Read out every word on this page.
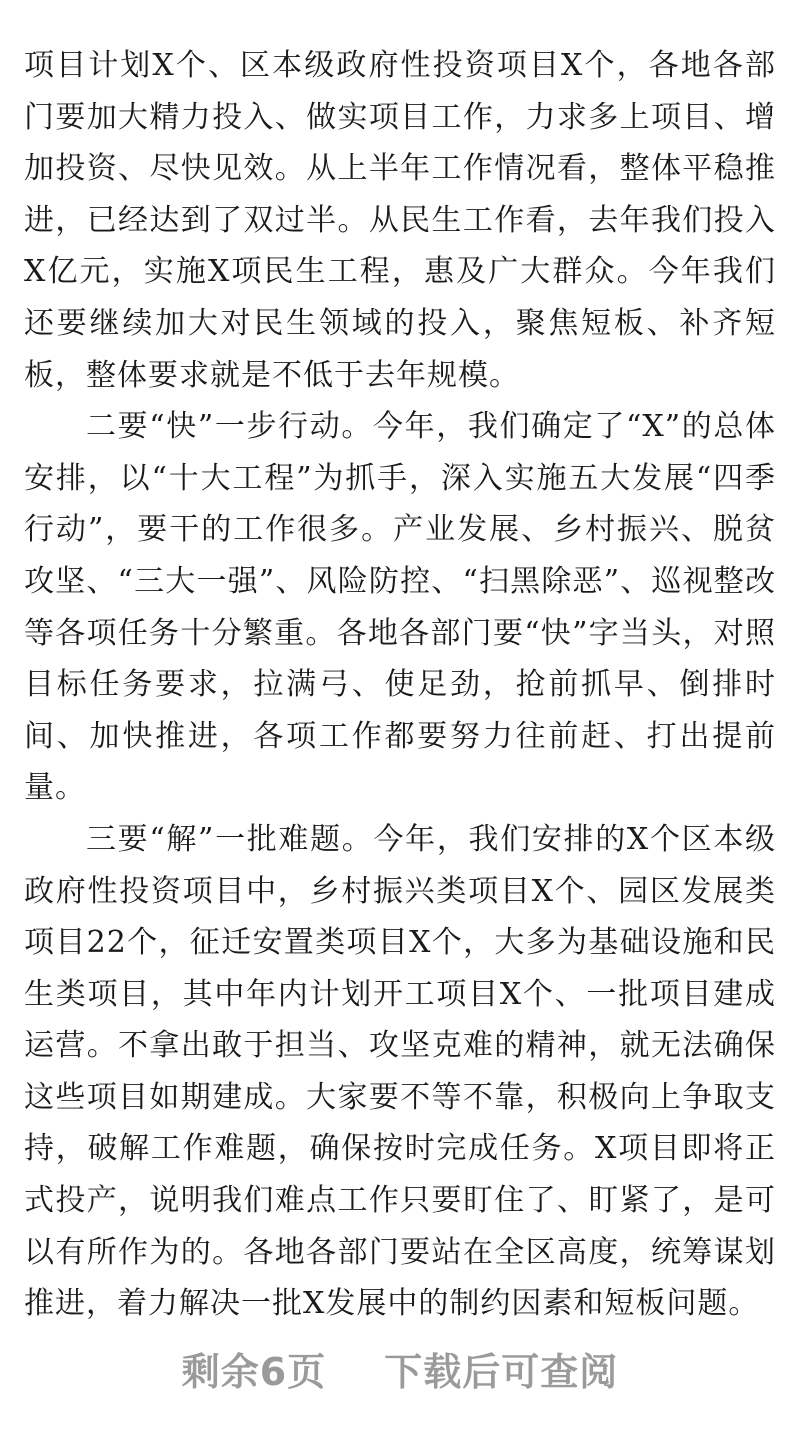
项目计划X个、区本级政府性投资项目X个，各地各部门要加大精力投入、做实项目工作，力求多上项目、增加投资、尽快见效。从上半年工作情况看，整体平稳推进，已经达到了双过半。从民生工作看，去年我们投入X亿元，实施X项民生工程，惠及广大群众。今年我们还要继续加大对民生领域的投入，聚焦短板、补齐短板，整体要求就是不低于去年规模。

二要“快”一步行动。今年，我们确定了“X”的总体安排，以“十大工程”为抓手，深入实施五大发展“四季行动”，要干的工作很多。产业发展、乡村振兴、脱贫攻坚、“三大一强”、风险防控、“扫黑除恶”、巡视整改等各项任务十分繁重。各地各部门要“快”字当头，对照目标任务要求，拉满弓、使足劲，抢前抓早、倒排时间、加快推进，各项工作都要努力往前赶、打出提前量。

三要“解”一批难题。今年，我们安排的X个区本级政府性投资项目中，乡村振兴类项目X个、园区发展类项目22个，征迁安置类项目X个，大多为基础设施和民生类项目，其中年内计划开工项目X个、一批项目建成运营。不拿出敢于担当、攻坚克难的精神，就无法确保这些项目如期建成。大家要不等不靠，积极向上争取支持，破解工作难题，确保按时完成任务。X项目即将正式投产，说明我们难点工作只要盯住了、盯紧了，是可以有所作为的。各地各部门要站在全区高度，统筹谋划推进，着力解决一批X发展中的制约因素和短板问题。

剩余6页 下载后可查阅
